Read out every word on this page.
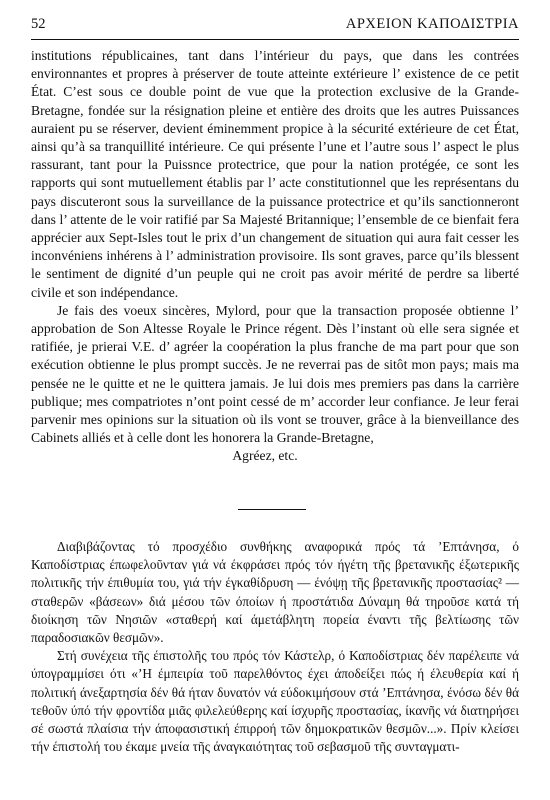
52	ΑΡΧΕΙΟΝ ΚΑΠΟΔΙΣΤΡΙΑ

institutions républicaines, tant dans l’intérieur du pays, que dans les contrées environnantes et propres à préserver de toute atteinte extérieure l’ existence de ce petit État. C’est sous ce double point de vue que la protection exclusive de la Grande-Bretagne, fondée sur la résignation pleine et entière des droits que les autres Puissances auraient pu se réserver, devient éminemment propice à la sécurité extérieure de cet État, ainsi qu’à sa tranquillité intérieure. Ce qui présente l’une et l’autre sous l’ aspect le plus rassurant, tant pour la Puissnce protectrice, que pour la nation protégée, ce sont les rapports qui sont mutuellement établis par l’ acte constitutionnel que les représentans du pays discuteront sous la surveillance de la puissance protectrice et qu’ils sanctionneront dans l’ attente de le voir ratifié par Sa Majesté Britannique; l’ensemble de ce bienfait fera apprécier aux Sept-Isles tout le prix d’un changement de situation qui aura fait cesser les inconvéniens inhérens à l’ administration provisoire. Ils sont graves, parce qu’ils blessent le sentiment de dignité d’un peuple qui ne croit pas avoir mérité de perdre sa liberté civile et son indépendance.

Je fais des voeux sincères, Mylord, pour que la transaction proposée obtienne l’ approbation de Son Altesse Royale le Prince régent. Dès l’instant où elle sera signée et ratifiée, je prierai V.E. d’ agréer la coopération la plus franche de ma part pour que son exécution obtienne le plus prompt succès. Je ne reverrai pas de sitôt mon pays; mais ma pensée ne le quitte et ne le quittera jamais. Je lui dois mes premiers pas dans la carrière publique; mes compatriotes n’ont point cessé de m’ accorder leur confiance. Je leur ferai parvenir mes opinions sur la situation où ils vont se trouver, grâce à la bienveillance des Cabinets alliés et à celle dont les honorera la Grande-Bretagne,

Agréez, etc.

Διαβιβάζοντας τό προσχέδιο συνθήκης αναφορικά πρός τά ’Επτάνησα, ό Καποδίστριας έπωφελοῦνταν γιά νά έκφράσει πρός τόν ήγέτη τῆς βρετανικῆς έξωτερικῆς πολιτικῆς τήν έπιθυμία του, γιά τήν έγκαθίδρυση — ένόψῃ τῆς βρετανικῆς προστασίας² — σταθερῶν «βάσεων» διά μέσου τῶν όποίων ή προστάτιδα Δύναμη θά τηροῦσε κατά τή διοίκηση τῶν Νησιῶν «σταθερή καί άμετάβλητη πορεία έναντι τῆς βελτίωσης τῶν παραδοσιακῶν θεσμῶν».

Στή συνέχεια τῆς έπιστολῆς του πρός τόν Κάστελρ, ό Καποδίστριας δέν παρέλειπε νά ύπογραμμίσει ότι «’Η έμπειρία τοῦ παρελθόντος έχει άποδείξει πώς ή έλευθερία καί ή πολιτική άνεξαρτησία δέν θά ήταν δυνατόν νά εύδοκιμήσουν στά ’Επτάνησα, ένόσω δέν θά τεθοῦν ύπό τήν φροντίδα μιᾶς φιλελεύθερης καί ίσχυρῆς προστασίας, ίκανῆς νά διατηρήσει σέ σωστά πλαίσια τήν άποφασιστική έπιρροή τῶν δημοκρατικῶν θεσμῶν...». Πρίν κλείσει τήν έπιστολή του έκαμε μνεία τῆς άναγκαιότητας τοῦ σεβασμοῦ τῆς συνταγματι-
